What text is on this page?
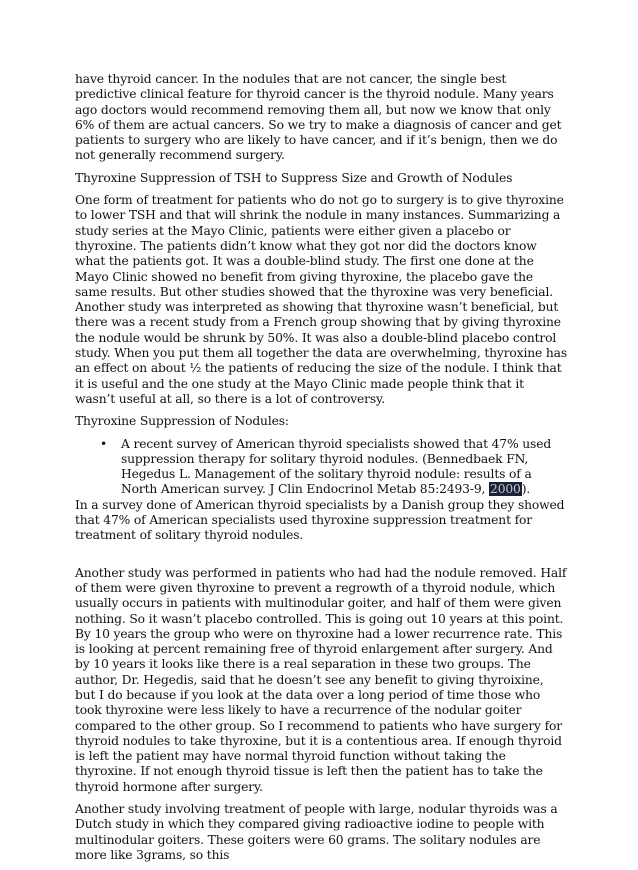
have thyroid cancer. In the nodules that are not cancer, the single best predictive clinical feature for thyroid cancer is the thyroid nodule. Many years ago doctors would recommend removing them all, but now we know that only 6% of them are actual cancers. So we try to make a diagnosis of cancer and get patients to surgery who are likely to have cancer, and if it’s benign, then we do not generally recommend surgery.

Thyroxine Suppression of TSH to Suppress Size and Growth of Nodules

One form of treatment for patients who do not go to surgery is to give thyroxine to lower TSH and that will shrink the nodule in many instances. Summarizing a study series at the Mayo Clinic, patients were either given a placebo or thyroxine. The patients didn’t know what they got nor did the doctors know what the patients got. It was a double-blind study. The first one done at the Mayo Clinic showed no benefit from giving thyroxine, the placebo gave the same results. But other studies showed that the thyroxine was very beneficial. Another study was interpreted as showing that thyroxine wasn’t beneficial, but there was a recent study from a French group showing that by giving thyroxine the nodule would be shrunk by 50%. It was also a double-blind placebo control study. When you put them all together the data are overwhelming, thyroxine has an effect on about ½ the patients of reducing the size of the nodule. I think that it is useful and the one study at the Mayo Clinic made people think that it wasn’t useful at all, so there is a lot of controversy.

Thyroxine Suppression of Nodules:

• A recent survey of American thyroid specialists showed that 47% used suppression therapy for solitary thyroid nodules. (Bennedbaek FN, Hegedus L. Management of the solitary thyroid nodule: results of a North American survey. J Clin Endocrinol Metab 85:2493-9, 2000).

In a survey done of American thyroid specialists by a Danish group they showed that 47% of American specialists used thyroxine suppression treatment for treatment of solitary thyroid nodules.

Another study was performed in patients who had had the nodule removed. Half of them were given thyroxine to prevent a regrowth of a thyroid nodule, which usually occurs in patients with multinodular goiter, and half of them were given nothing. So it wasn’t placebo controlled. This is going out 10 years at this point. By 10 years the group who were on thyroxine had a lower recurrence rate. This is looking at percent remaining free of thyroid enlargement after surgery. And by 10 years it looks like there is a real separation in these two groups. The author, Dr. Hegedis, said that he doesn’t see any benefit to giving thyroixine, but I do because if you look at the data over a long period of time those who took thyroxine were less likely to have a recurrence of the nodular goiter compared to the other group. So I recommend to patients who have surgery for thyroid nodules to take thyroxine, but it is a contentious area. If enough thyroid is left the patient may have normal thyroid function without taking the thyroxine. If not enough thyroid tissue is left then the patient has to take the thyroid hormone after surgery.

Another study involving treatment of people with large, nodular thyroids was a Dutch study in which they compared giving radioactive iodine to people with multinodular goiters. These goiters were 60 grams. The solitary nodules are more like 3grams, so this
